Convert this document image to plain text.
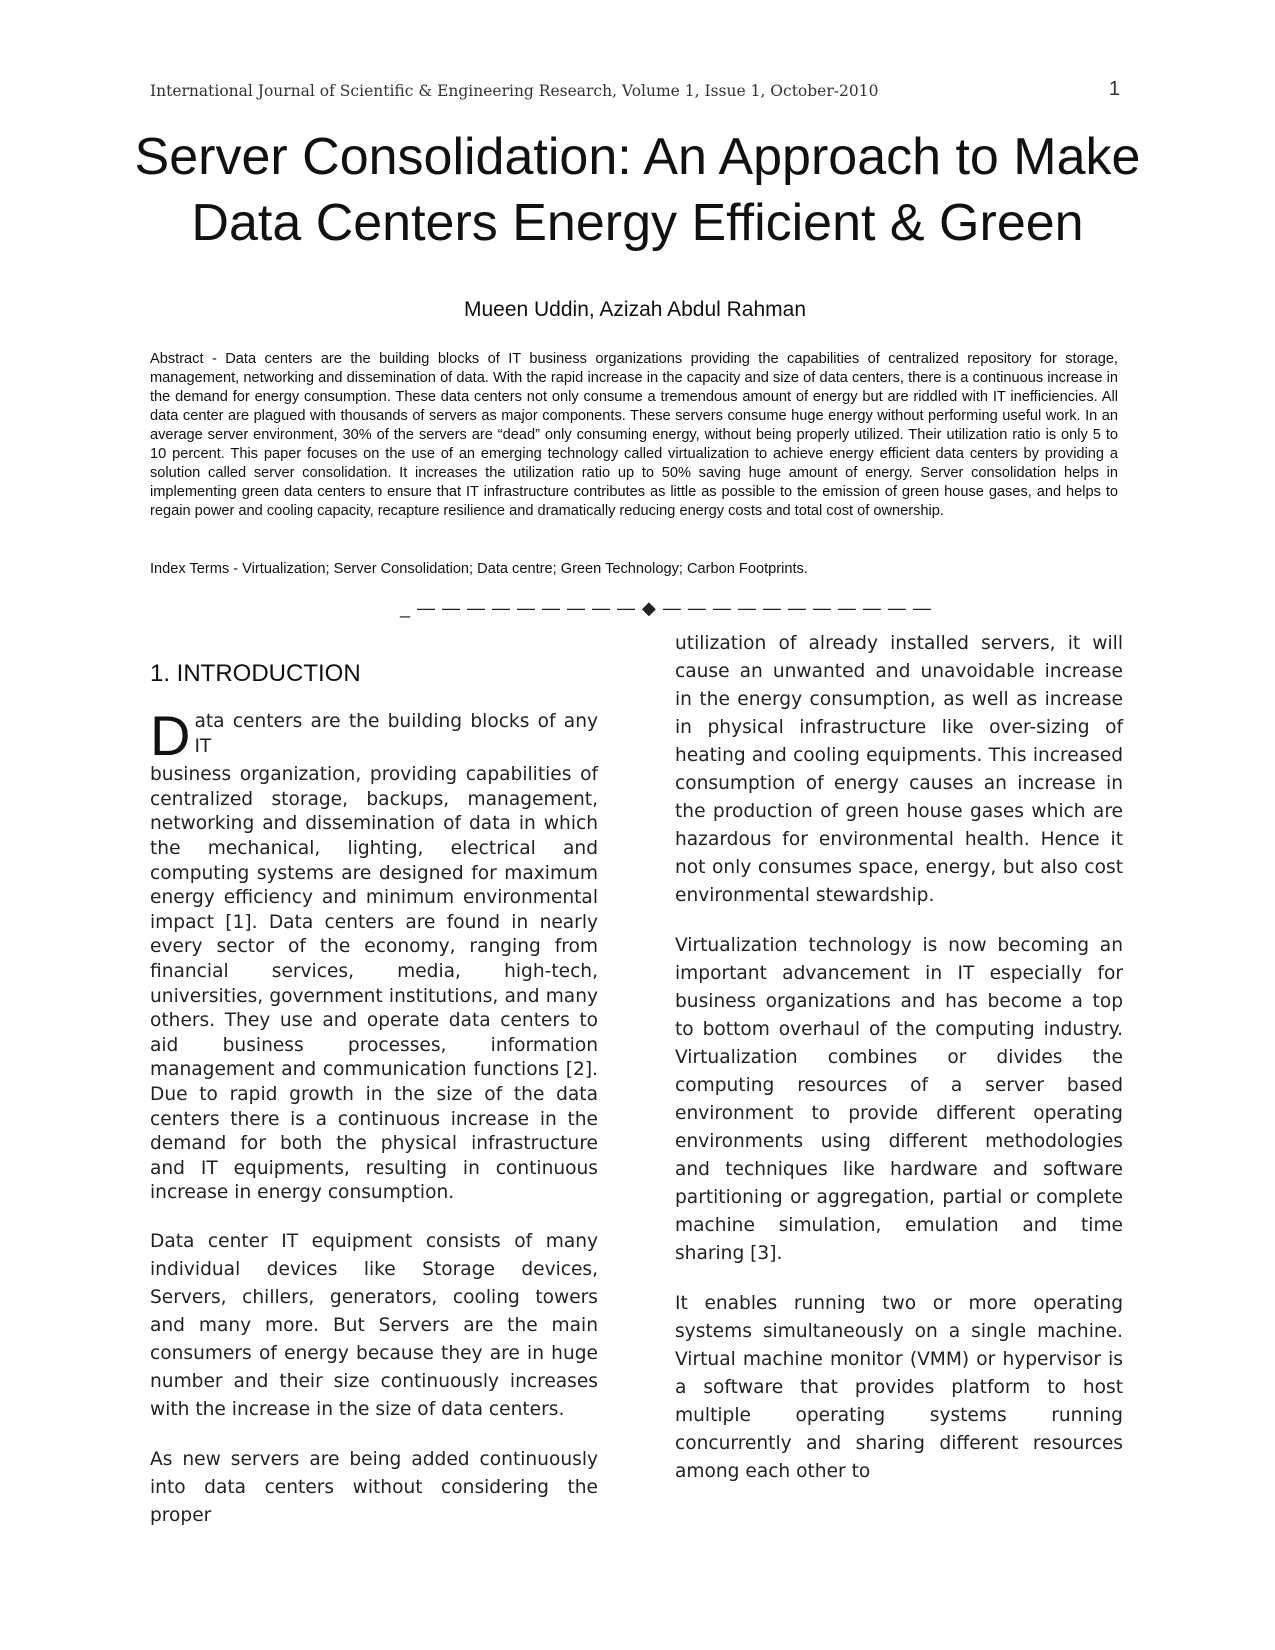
International Journal of Scientific & Engineering Research, Volume 1, Issue 1, October-2010	1
Server Consolidation: An Approach to Make Data Centers Energy Efficient & Green
Mueen Uddin, Azizah Abdul Rahman
Abstract - Data centers are the building blocks of IT business organizations providing the capabilities of centralized repository for storage, management, networking and dissemination of data. With the rapid increase in the capacity and size of data centers, there is a continuous increase in the demand for energy consumption. These data centers not only consume a tremendous amount of energy but are riddled with IT inefficiencies. All data center are plagued with thousands of servers as major components. These servers consume huge energy without performing useful work. In an average server environment, 30% of the servers are “dead” only consuming energy, without being properly utilized. Their utilization ratio is only 5 to 10 percent. This paper focuses on the use of an emerging technology called virtualization to achieve energy efficient data centers by providing a solution called server consolidation. It increases the utilization ratio up to 50% saving huge amount of energy. Server consolidation helps in implementing green data centers to ensure that IT infrastructure contributes as little as possible to the emission of green house gases, and helps to regain power and cooling capacity, recapture resilience and dramatically reducing energy costs and total cost of ownership.
Index Terms - Virtualization; Server Consolidation; Data centre; Green Technology; Carbon Footprints.
_ — — — — — — — — — ◆ — — — — — — — — — — —
1. INTRODUCTION
D ata centers are the building blocks of any IT

business organization, providing capabilities of centralized storage, backups, management, networking and dissemination of data in which the mechanical, lighting, electrical and computing systems are designed for maximum energy efficiency and minimum environmental impact [1]. Data centers are found in nearly every sector of the economy, ranging from financial services, media, high-tech, universities, government institutions, and many others. They use and operate data centers to aid business processes, information management and communication functions [2]. Due to rapid growth in the size of the data centers there is a continuous increase in the demand for both the physical infrastructure and IT equipments, resulting in continuous increase in energy consumption.

Data center IT equipment consists of many individual devices like Storage devices, Servers, chillers, generators, cooling towers and many more. But Servers are the main consumers of energy because they are in huge number and their size continuously increases with the increase in the size of data centers.

As new servers are being added continuously into data centers without considering the proper

utilization of already installed servers, it will cause an unwanted and unavoidable increase in the energy consumption, as well as increase in physical infrastructure like over-sizing of heating and cooling equipments. This increased consumption of energy causes an increase in the production of green house gases which are hazardous for environmental health. Hence it not only consumes space, energy, but also cost environmental stewardship.

Virtualization technology is now becoming an important advancement in IT especially for business organizations and has become a top to bottom overhaul of the computing industry. Virtualization combines or divides the computing resources of a server based environment to provide different operating environments using different methodologies and techniques like hardware and software partitioning or aggregation, partial or complete machine simulation, emulation and time sharing [3].

It enables running two or more operating systems simultaneously on a single machine. Virtual machine monitor (VMM) or hypervisor is a software that provides platform to host multiple operating systems running concurrently and sharing different resources among each other to
